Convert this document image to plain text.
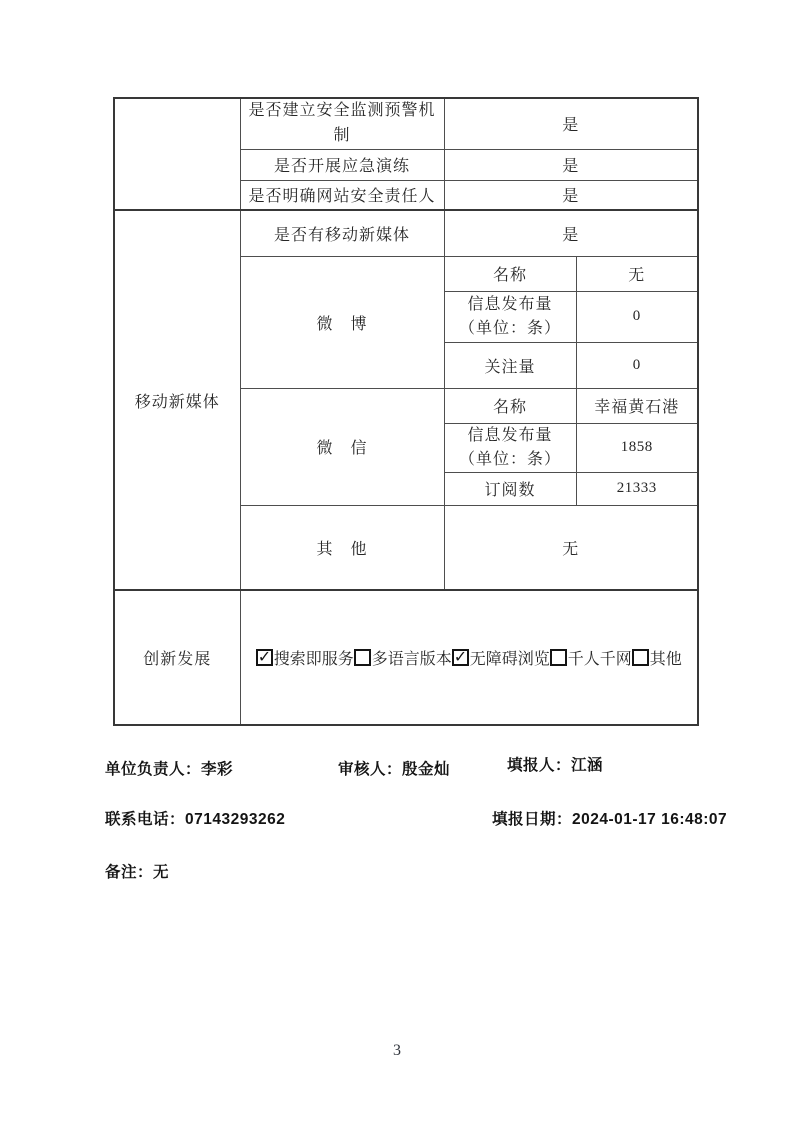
	是否建立安全监测预警机制	是	
	是否开展应急演练	是	
	是否明确网站安全责任人	是	
移动新媒体	是否有移动新媒体	是	
	微　博	名称	无
		信息发布量
（单位：条）	0
		关注量	0
	微　信	名称	幸福黄石港
		信息发布量
（单位：条）	1858
		订阅数	21333
	其　他	无	
创新发展	✓搜索即服务 多语言版本 ✓ 无障碍浏览 千人千网 其他
单位负责人：李彩	审核人：殷金灿	填报人：江涵
联系电话：07143293262	填报日期：2024-01-17 16:48:07
备注：无
3
